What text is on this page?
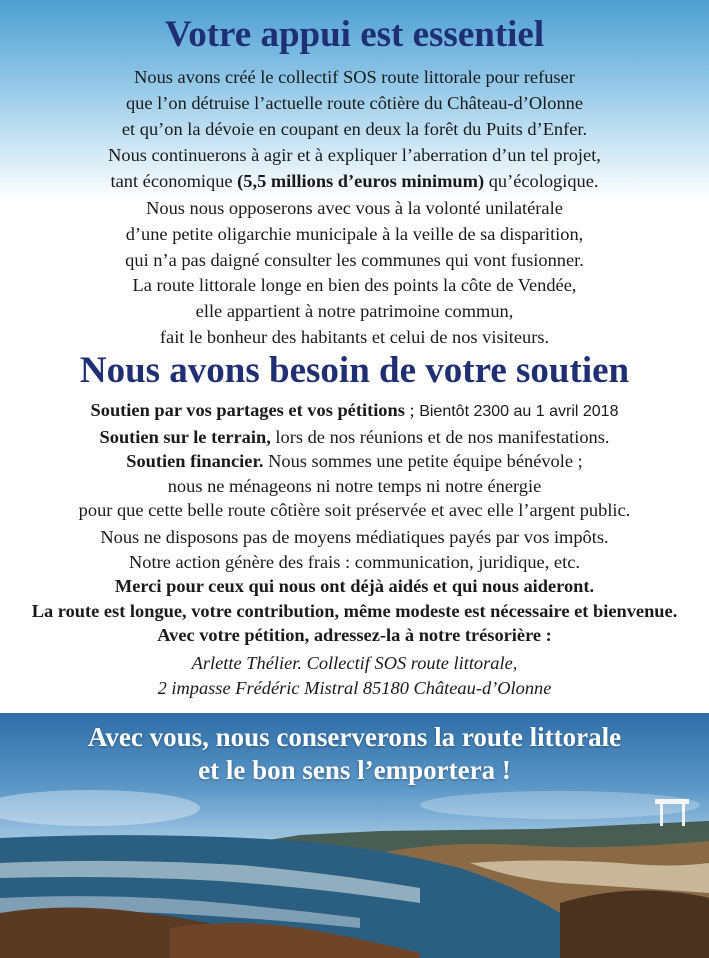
Votre appui est essentiel

Nous avons créé le collectif SOS route littorale pour refuser

que l’on détruise l’actuelle route côtière du Château-d’Olonne

et qu’on la dévoie en coupant en deux la forêt du Puits d’Enfer.

Nous continuerons à agir et à expliquer l’aberration d’un tel projet,

tant économique (5,5 millions d’euros minimum) qu’écologique.

Nous nous opposerons avec vous à la volonté unilatérale

d’une petite oligarchie municipale à la veille de sa disparition,

qui n’a pas daigné consulter les communes qui vont fusionner.

La route littorale longe en bien des points la côte de Vendée,

elle appartient à notre patrimoine commun,

fait le bonheur des habitants et celui de nos visiteurs.

Nous avons besoin de votre soutien

Soutien par vos partages et vos pétitions ; Bientôt 2300 au 1 avril 2018

Soutien sur le terrain, lors de nos réunions et de nos manifestations.

Soutien financier. Nous sommes une petite équipe bénévole ;

nous ne ménageons ni notre temps ni notre énergie

pour que cette belle route côtière soit préservée et avec elle l’argent public.

Nous ne disposons pas de moyens médiatiques payés par vos impôts.

Notre action génère des frais : communication, juridique, etc.

Merci pour ceux qui nous ont déjà aidés et qui nous aideront.

La route est longue, votre contribution, même modeste est nécessaire et bienvenue.

Avec votre pétition, adressez-la à notre trésorière :

Arlette Thélier. Collectif SOS route littorale,

2 impasse Frédéric Mistral 85180 Château-d’Olonne

Avec vous, nous conserverons la route littorale
et le bon sens l’emportera !
